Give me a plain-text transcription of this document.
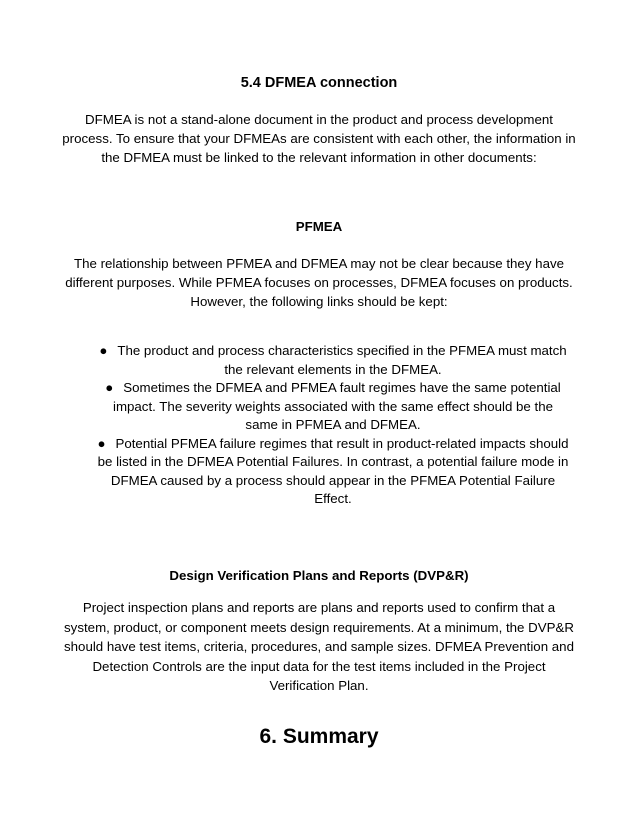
5.4 DFMEA connection

DFMEA is not a stand-alone document in the product and process development process. To ensure that your DFMEAs are consistent with each other, the information in the DFMEA must be linked to the relevant information in other documents:

PFMEA

The relationship between PFMEA and DFMEA may not be clear because they have different purposes. While PFMEA focuses on processes, DFMEA focuses on products. However, the following links should be kept:

● The product and process characteristics specified in the PFMEA must match the relevant elements in the DFMEA.
● Sometimes the DFMEA and PFMEA fault regimes have the same potential impact. The severity weights associated with the same effect should be the same in PFMEA and DFMEA.
● Potential PFMEA failure regimes that result in product-related impacts should be listed in the DFMEA Potential Failures. In contrast, a potential failure mode in DFMEA caused by a process should appear in the PFMEA Potential Failure Effect.
Design Verification Plans and Reports (DVP&R)

Project inspection plans and reports are plans and reports used to confirm that a system, product, or component meets design requirements. At a minimum, the DVP&R should have test items, criteria, procedures, and sample sizes. DFMEA Prevention and Detection Controls are the input data for the test items included in the Project Verification Plan.

6. Summary
